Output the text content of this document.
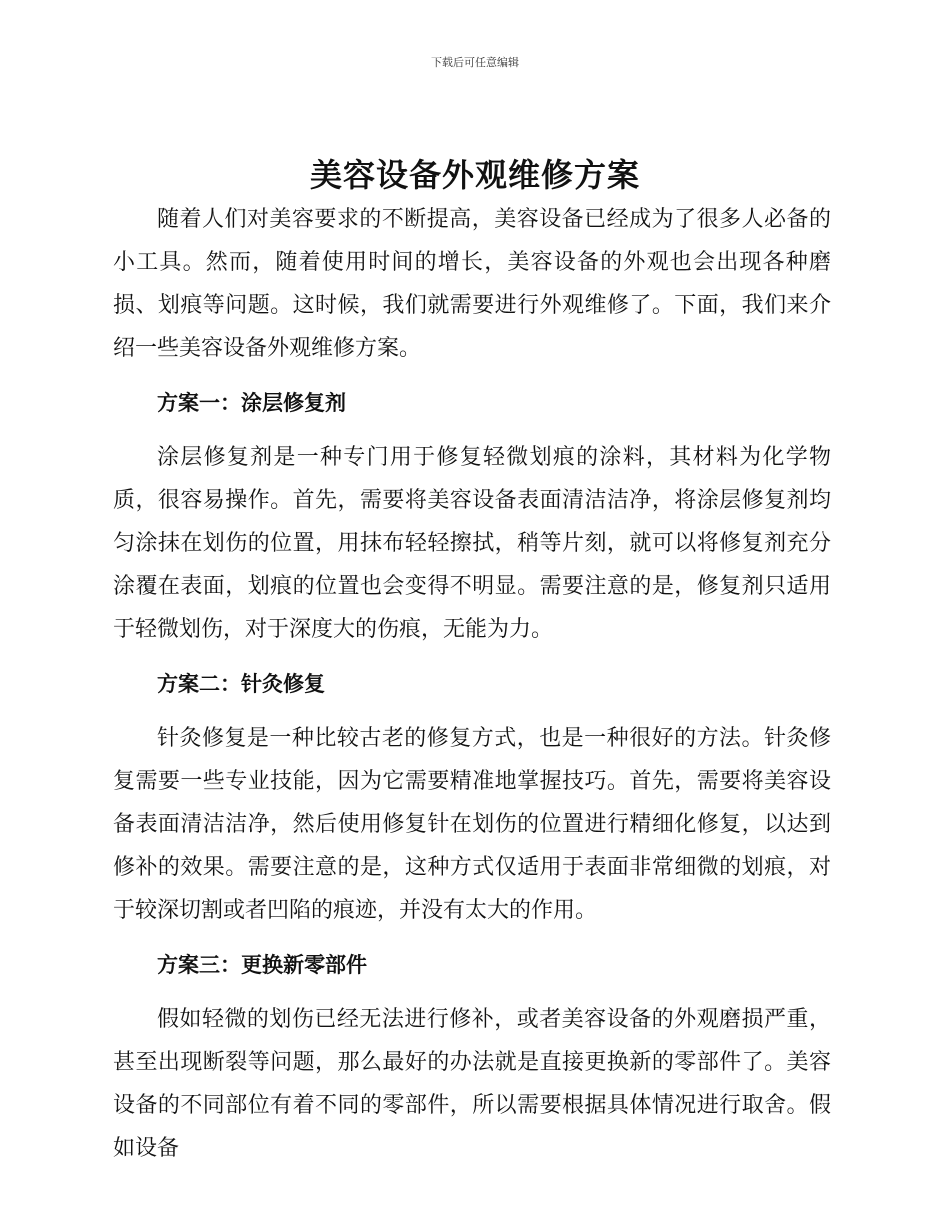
下载后可任意编辑
美容设备外观维修方案

随着人们对美容要求的不断提高，美容设备已经成为了很多人必备的小工具。然而，随着使用时间的增长，美容设备的外观也会出现各种磨损、划痕等问题。这时候，我们就需要进行外观维修了。下面，我们来介绍一些美容设备外观维修方案。

方案一：涂层修复剂

涂层修复剂是一种专门用于修复轻微划痕的涂料，其材料为化学物质，很容易操作。首先，需要将美容设备表面清洁洁净，将涂层修复剂均匀涂抹在划伤的位置，用抹布轻轻擦拭，稍等片刻，就可以将修复剂充分涂覆在表面，划痕的位置也会变得不明显。需要注意的是，修复剂只适用于轻微划伤，对于深度大的伤痕，无能为力。

方案二：针灸修复

针灸修复是一种比较古老的修复方式，也是一种很好的方法。针灸修复需要一些专业技能，因为它需要精准地掌握技巧。首先，需要将美容设备表面清洁洁净，然后使用修复针在划伤的位置进行精细化修复，以达到修补的效果。需要注意的是，这种方式仅适用于表面非常细微的划痕，对于较深切割或者凹陷的痕迹，并没有太大的作用。

方案三：更换新零部件

假如轻微的划伤已经无法进行修补，或者美容设备的外观磨损严重，甚至出现断裂等问题，那么最好的办法就是直接更换新的零部件了。美容设备的不同部位有着不同的零部件，所以需要根据具体情况进行取舍。假如设备
